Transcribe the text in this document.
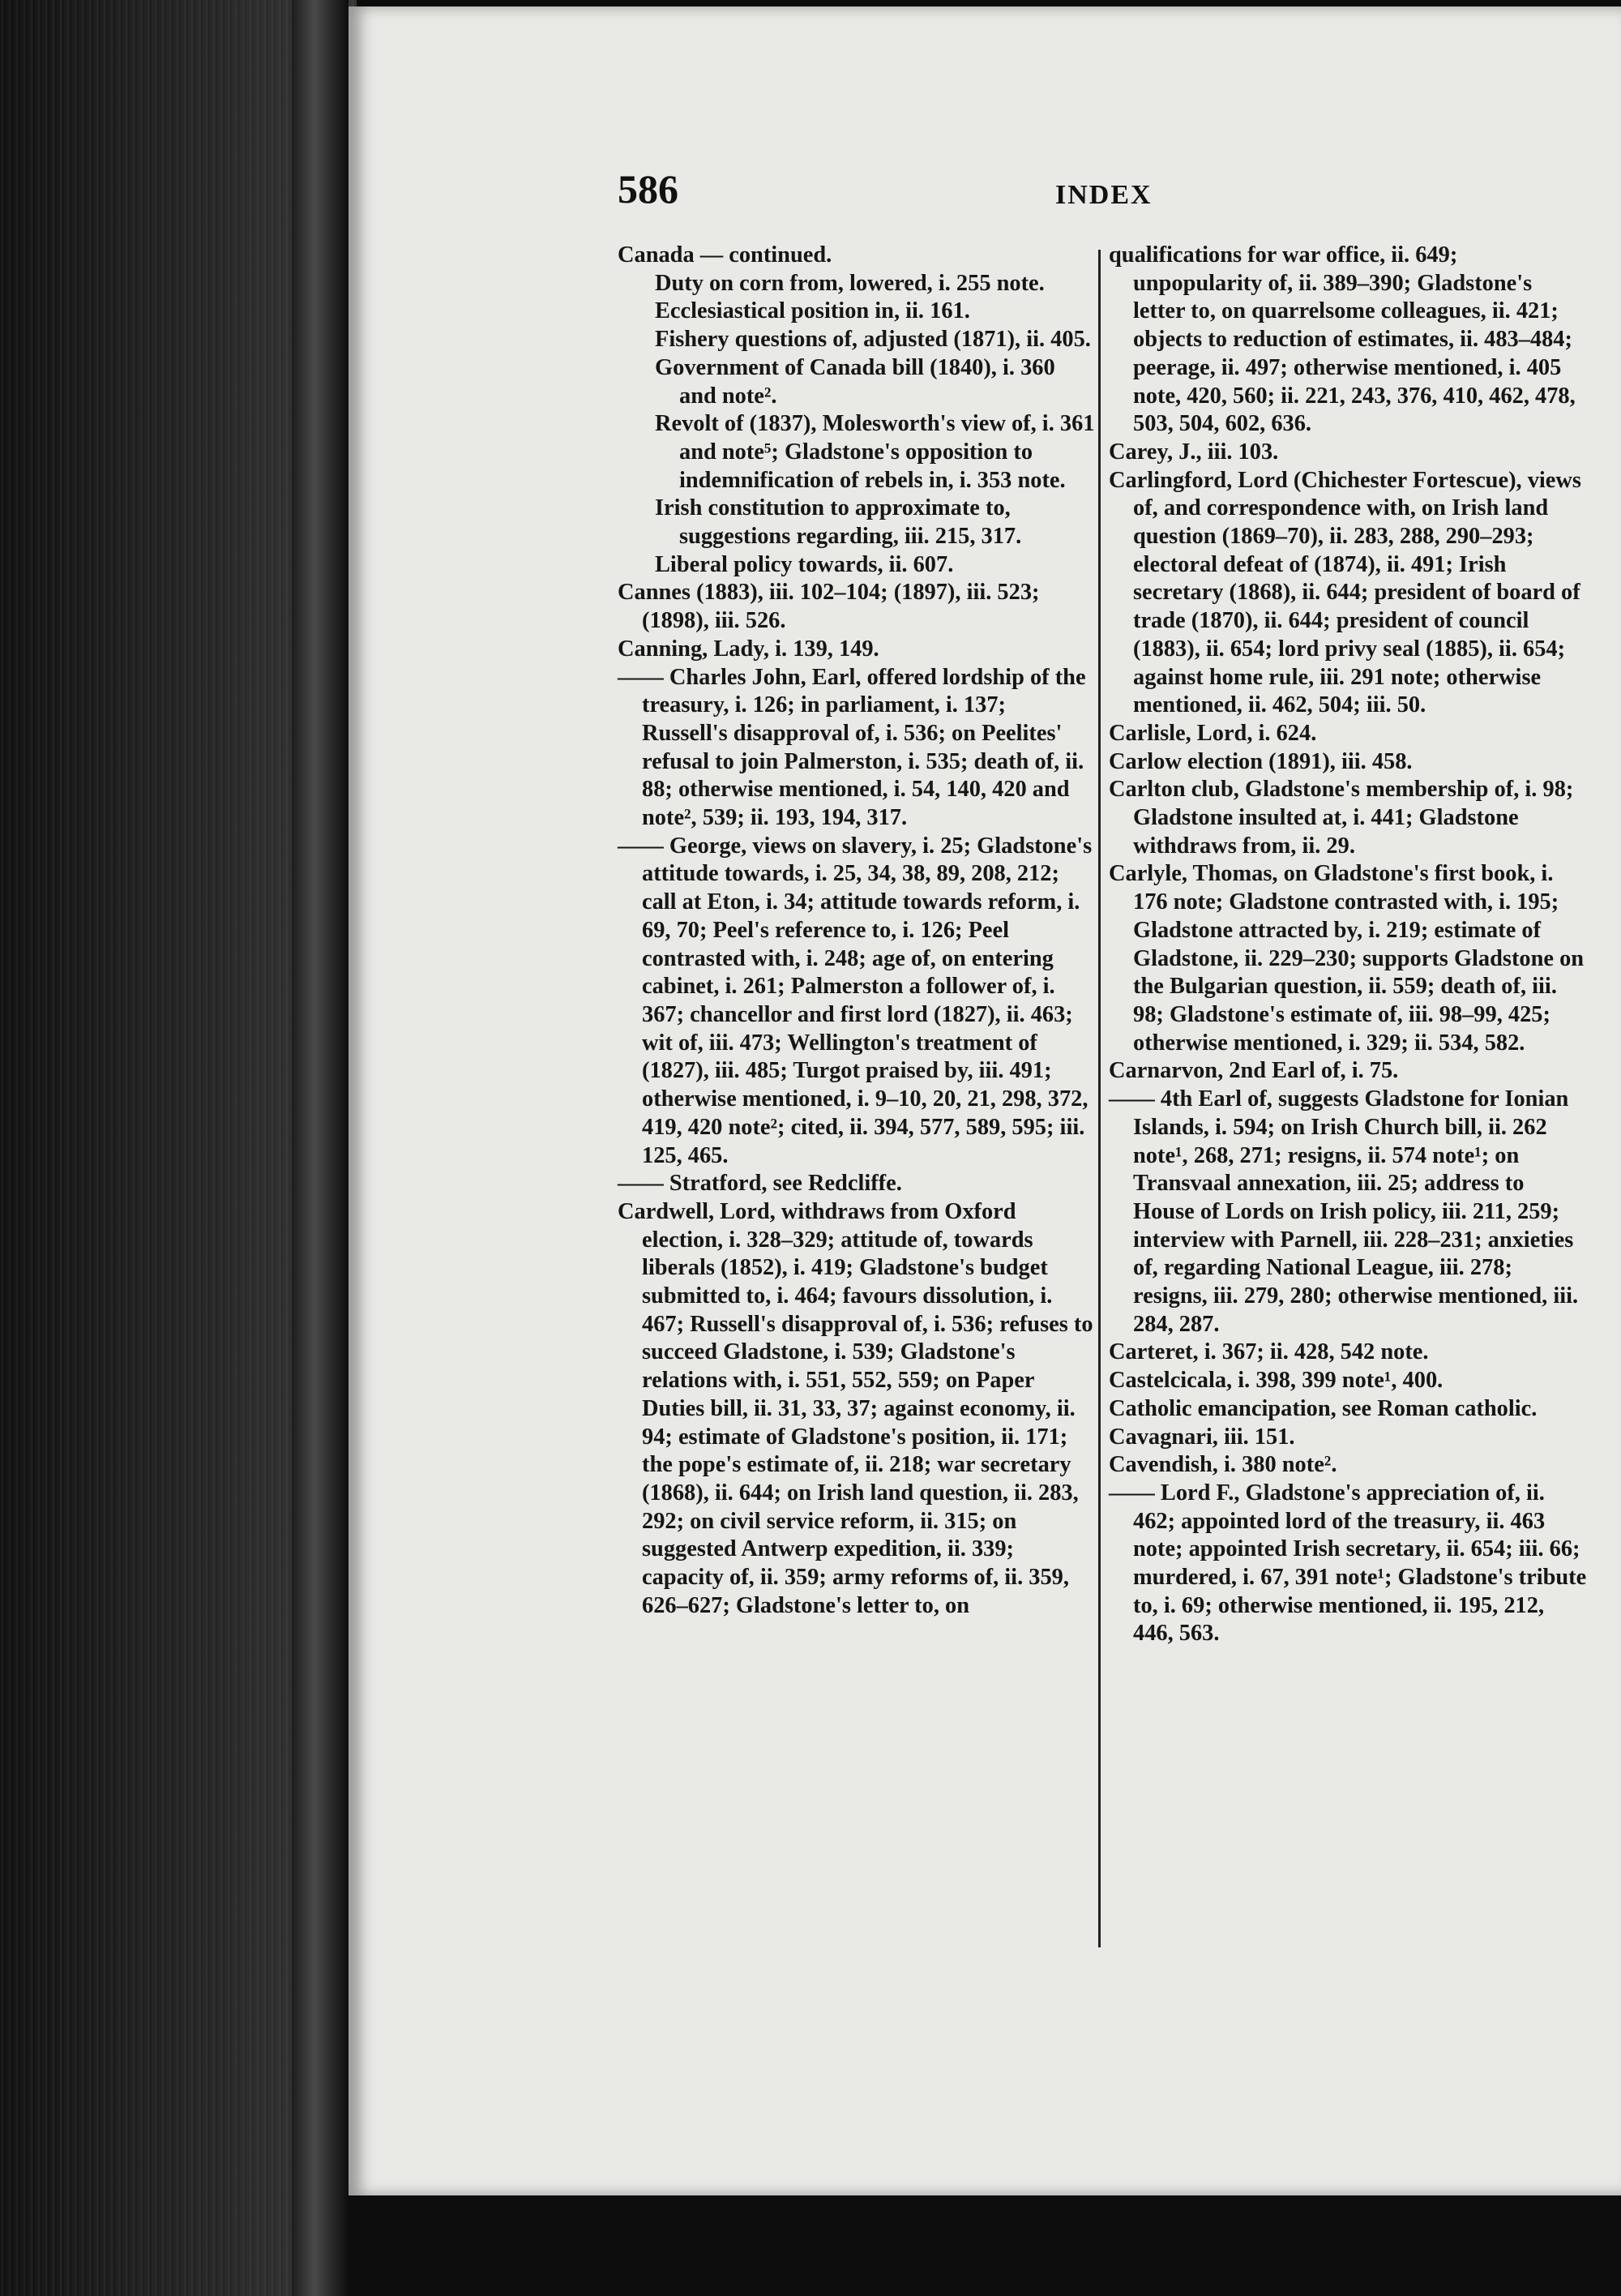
586	INDEX

Canada — continued.

Duty on corn from, lowered, i. 255 note.

Ecclesiastical position in, ii. 161.

Fishery questions of, adjusted (1871), ii. 405.

Government of Canada bill (1840), i. 360 and note².

Revolt of (1837), Molesworth's view of, i. 361 and note⁵; Gladstone's opposition to indemnification of rebels in, i. 353 note.

Irish constitution to approximate to, suggestions regarding, iii. 215, 317.

Liberal policy towards, ii. 607.

Cannes (1883), iii. 102–104; (1897), iii. 523; (1898), iii. 526.

Canning, Lady, i. 139, 149.

—— Charles John, Earl, offered lordship of the treasury, i. 126; in parliament, i. 137; Russell's disapproval of, i. 536; on Peelites' refusal to join Palmerston, i. 535; death of, ii. 88; otherwise mentioned, i. 54, 140, 420 and note², 539; ii. 193, 194, 317.

—— George, views on slavery, i. 25; Gladstone's attitude towards, i. 25, 34, 38, 89, 208, 212; call at Eton, i. 34; attitude towards reform, i. 69, 70; Peel's reference to, i. 126; Peel contrasted with, i. 248; age of, on entering cabinet, i. 261; Palmerston a follower of, i. 367; chancellor and first lord (1827), ii. 463; wit of, iii. 473; Wellington's treatment of (1827), iii. 485; Turgot praised by, iii. 491; otherwise mentioned, i. 9–10, 20, 21, 298, 372, 419, 420 note²; cited, ii. 394, 577, 589, 595; iii. 125, 465.

—— Stratford, see Redcliffe.

Cardwell, Lord, withdraws from Oxford election, i. 328–329; attitude of, towards liberals (1852), i. 419; Gladstone's budget submitted to, i. 464; favours dissolution, i. 467; Russell's disapproval of, i. 536; refuses to succeed Gladstone, i. 539; Gladstone's relations with, i. 551, 552, 559; on Paper Duties bill, ii. 31, 33, 37; against economy, ii. 94; estimate of Gladstone's position, ii. 171; the pope's estimate of, ii. 218; war secretary (1868), ii. 644; on Irish land question, ii. 283, 292; on civil service reform, ii. 315; on suggested Antwerp expedition, ii. 339; capacity of, ii. 359; army reforms of, ii. 359, 626–627; Gladstone's letter to, on

qualifications for war office, ii. 649; unpopularity of, ii. 389–390; Gladstone's letter to, on quarrelsome colleagues, ii. 421; objects to reduction of estimates, ii. 483–484; peerage, ii. 497; otherwise mentioned, i. 405 note, 420, 560; ii. 221, 243, 376, 410, 462, 478, 503, 504, 602, 636.

Carey, J., iii. 103.

Carlingford, Lord (Chichester Fortescue), views of, and correspondence with, on Irish land question (1869–70), ii. 283, 288, 290–293; electoral defeat of (1874), ii. 491; Irish secretary (1868), ii. 644; president of board of trade (1870), ii. 644; president of council (1883), ii. 654; lord privy seal (1885), ii. 654; against home rule, iii. 291 note; otherwise mentioned, ii. 462, 504; iii. 50.

Carlisle, Lord, i. 624.

Carlow election (1891), iii. 458.

Carlton club, Gladstone's membership of, i. 98; Gladstone insulted at, i. 441; Gladstone withdraws from, ii. 29.

Carlyle, Thomas, on Gladstone's first book, i. 176 note; Gladstone contrasted with, i. 195; Gladstone attracted by, i. 219; estimate of Gladstone, ii. 229–230; supports Gladstone on the Bulgarian question, ii. 559; death of, iii. 98; Gladstone's estimate of, iii. 98–99, 425; otherwise mentioned, i. 329; ii. 534, 582.

Carnarvon, 2nd Earl of, i. 75.

—— 4th Earl of, suggests Gladstone for Ionian Islands, i. 594; on Irish Church bill, ii. 262 note¹, 268, 271; resigns, ii. 574 note¹; on Transvaal annexation, iii. 25; address to House of Lords on Irish policy, iii. 211, 259; interview with Parnell, iii. 228–231; anxieties of, regarding National League, iii. 278; resigns, iii. 279, 280; otherwise mentioned, iii. 284, 287.

Carteret, i. 367; ii. 428, 542 note.

Castelcicala, i. 398, 399 note¹, 400.

Catholic emancipation, see Roman catholic.

Cavagnari, iii. 151.

Cavendish, i. 380 note².

—— Lord F., Gladstone's appreciation of, ii. 462; appointed lord of the treasury, ii. 463 note; appointed Irish secretary, ii. 654; iii. 66; murdered, i. 67, 391 note¹; Gladstone's tribute to, i. 69; otherwise mentioned, ii. 195, 212, 446, 563.
